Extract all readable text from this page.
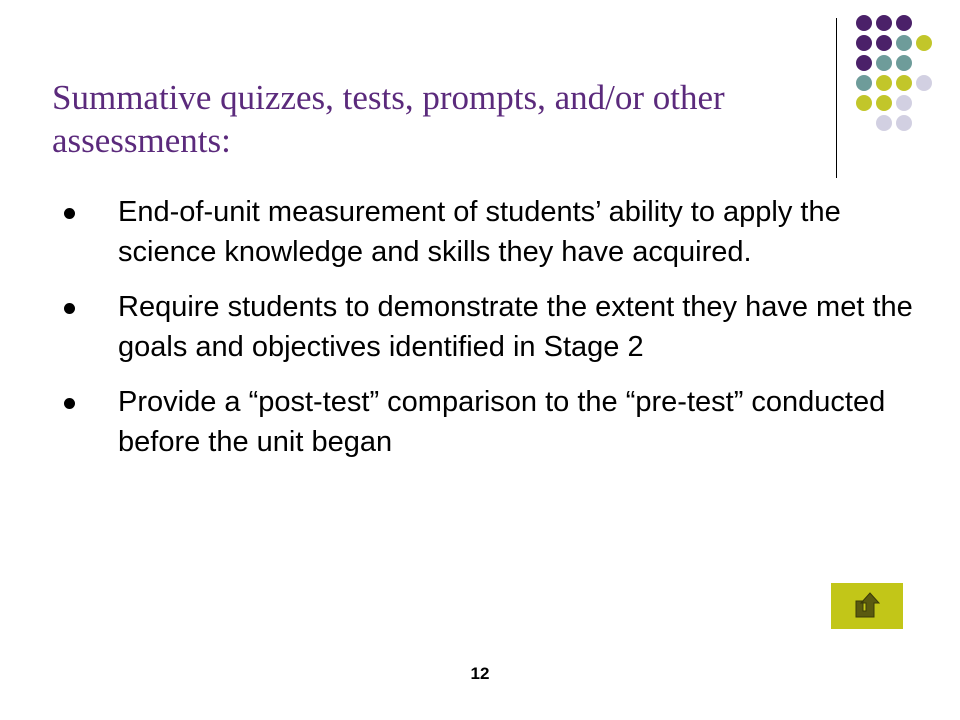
Summative quizzes, tests, prompts, and/or other assessments:
End-of-unit measurement of students’ ability to apply the science knowledge and skills they have acquired.
Require students to demonstrate the extent they have met the goals and objectives identified in Stage 2
Provide a “post-test” comparison to the “pre-test” conducted before the unit began
12
